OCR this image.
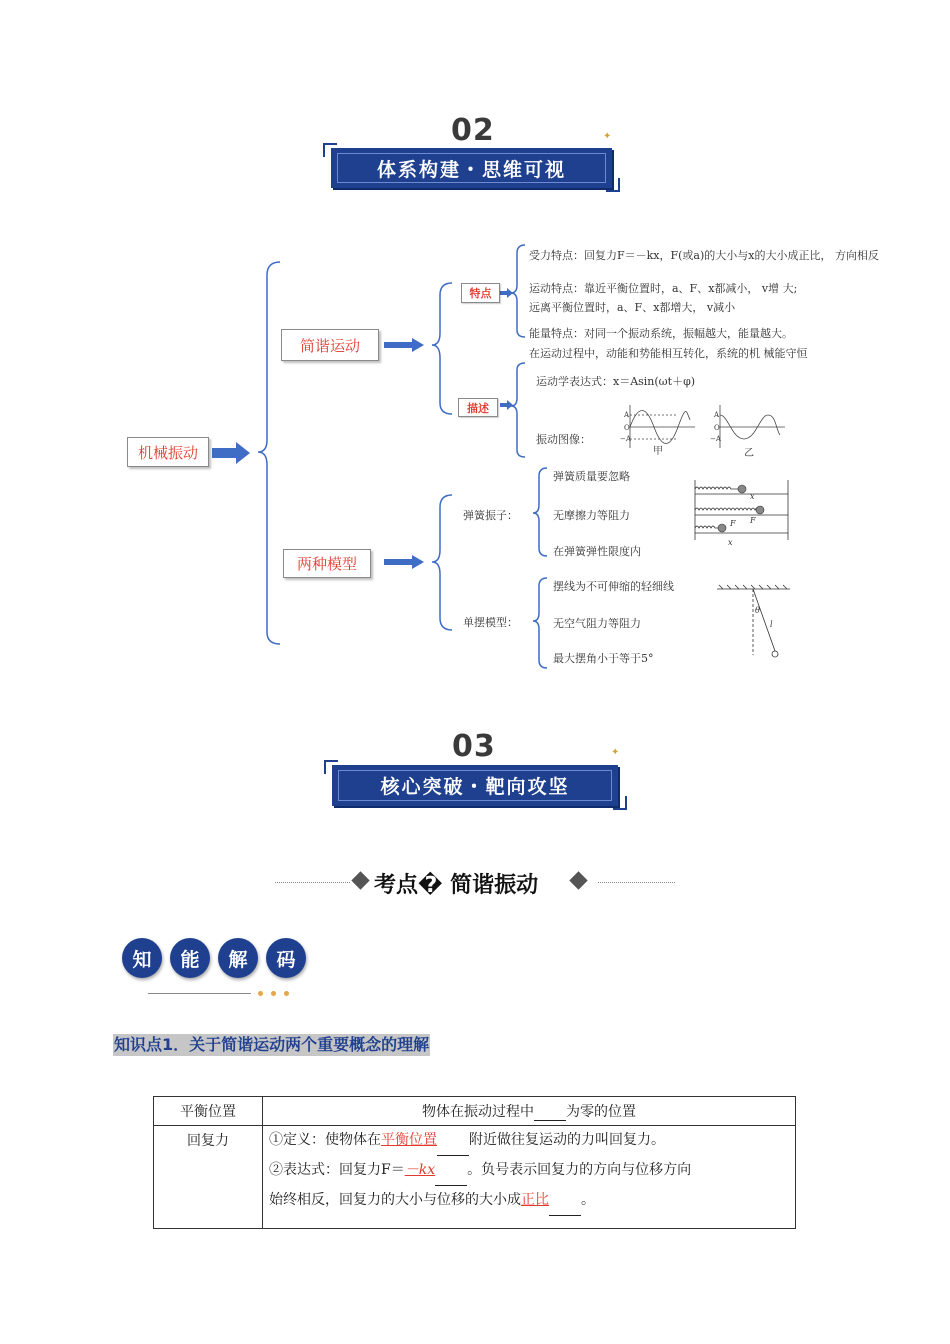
02	✦
体系构建・思维可视
机械振动
简谐运动
两种模型
特点
描述
受力特点：回复力F＝－kx，F(或a)的大小与x的大小成正比， 方向相反
运动特点：靠近平衡位置时，a、F、x都减小， v增 大;
远离平衡位置时，a、F、x都增大， v减小
能量特点：对同一个振动系统，振幅越大，能量越大。
在运动过程中，动能和势能相互转化，系统的机 械能守恒
运动学表达式：x＝Asin(ωt＋φ)
振动图像：
A
O
−A
A
O
−A
甲	乙
弹簧振子：
弹簧质量要忽略
无摩擦力等阻力
在弹簧弹性限度内
x
F F
x
单摆模型：
摆线为不可伸缩的轻细线
无空气阻力等阻力
最大摆角小于等于5°
θ
l
03	✦
核心突破・靶向攻坚
考点� 简谐振动
知	能	解	码
知识点1．关于简谐运动两个重要概念的理解
平衡位置	物体在振动过程中 为零的位置
回复力	①定义：使物体在平衡位置 附近做往复运动的力叫回复力。
②表达式：回复力F＝－kx 。负号表示回复力的方向与位移方向
始终相反，回复力的大小与位移的大小成正比 。
